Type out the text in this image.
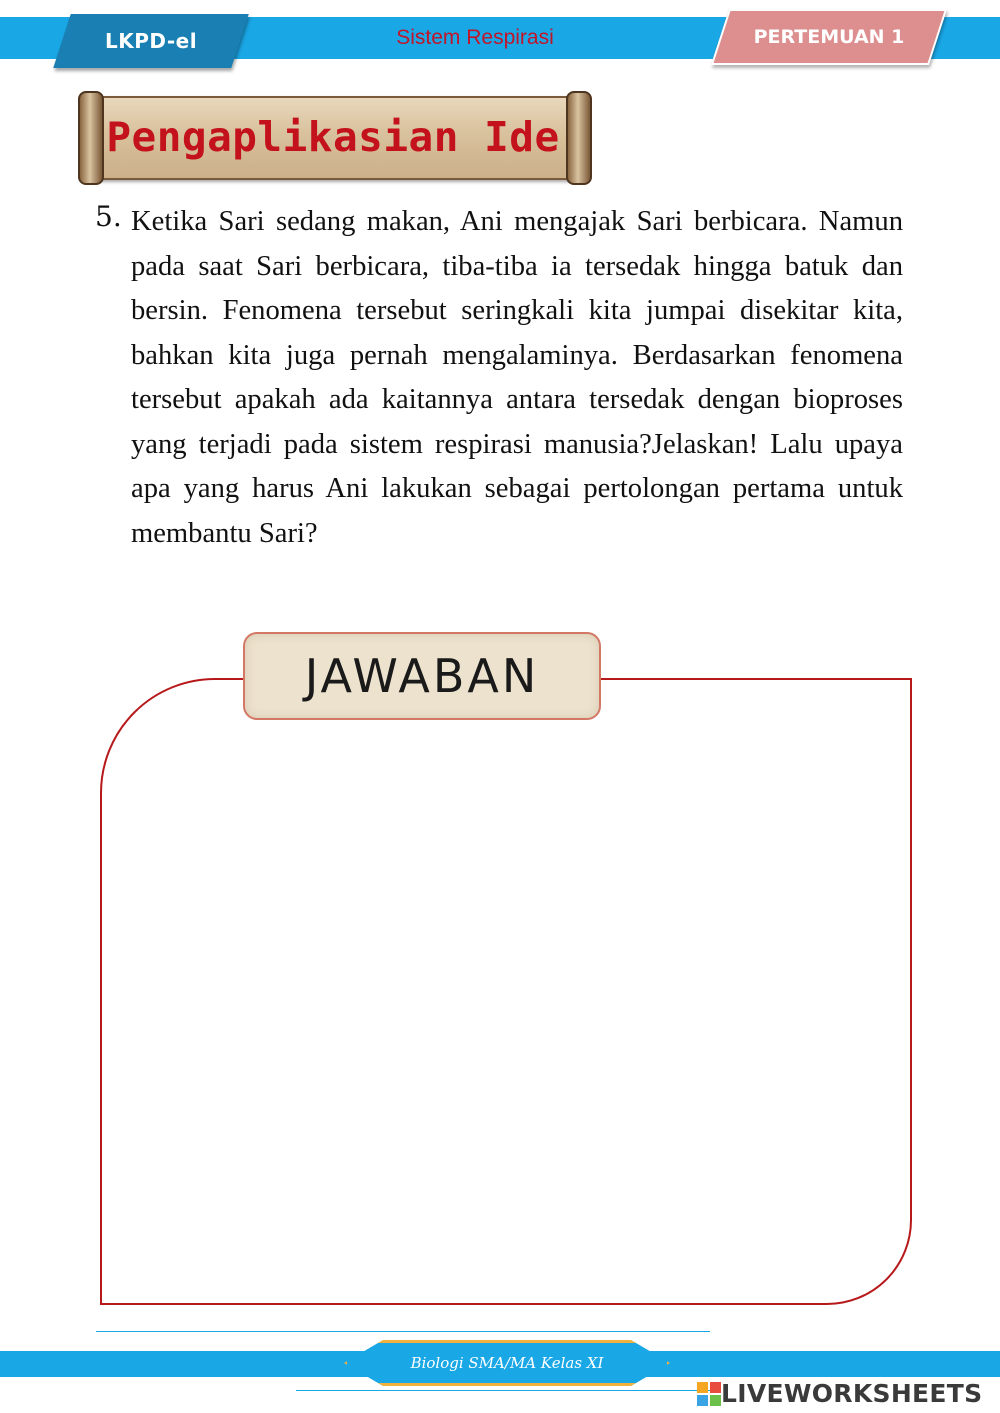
LKPD-el	Sistem Respirasi	PERTEMUAN 1
Pengaplikasian Ide
5. Ketika Sari sedang makan, Ani mengajak Sari berbicara. Namun pada saat Sari berbicara, tiba-tiba ia tersedak hingga batuk dan bersin. Fenomena tersebut seringkali kita jumpai disekitar kita, bahkan kita juga pernah mengalaminya. Berdasarkan fenomena tersebut apakah ada kaitannya antara tersedak dengan bioproses yang terjadi pada sistem respirasi manusia?Jelaskan! Lalu upaya apa yang harus Ani lakukan sebagai pertolongan pertama untuk membantu Sari?

JAWABAN
Biologi SMA/MA Kelas XI
LIVEWORKSHEETS
